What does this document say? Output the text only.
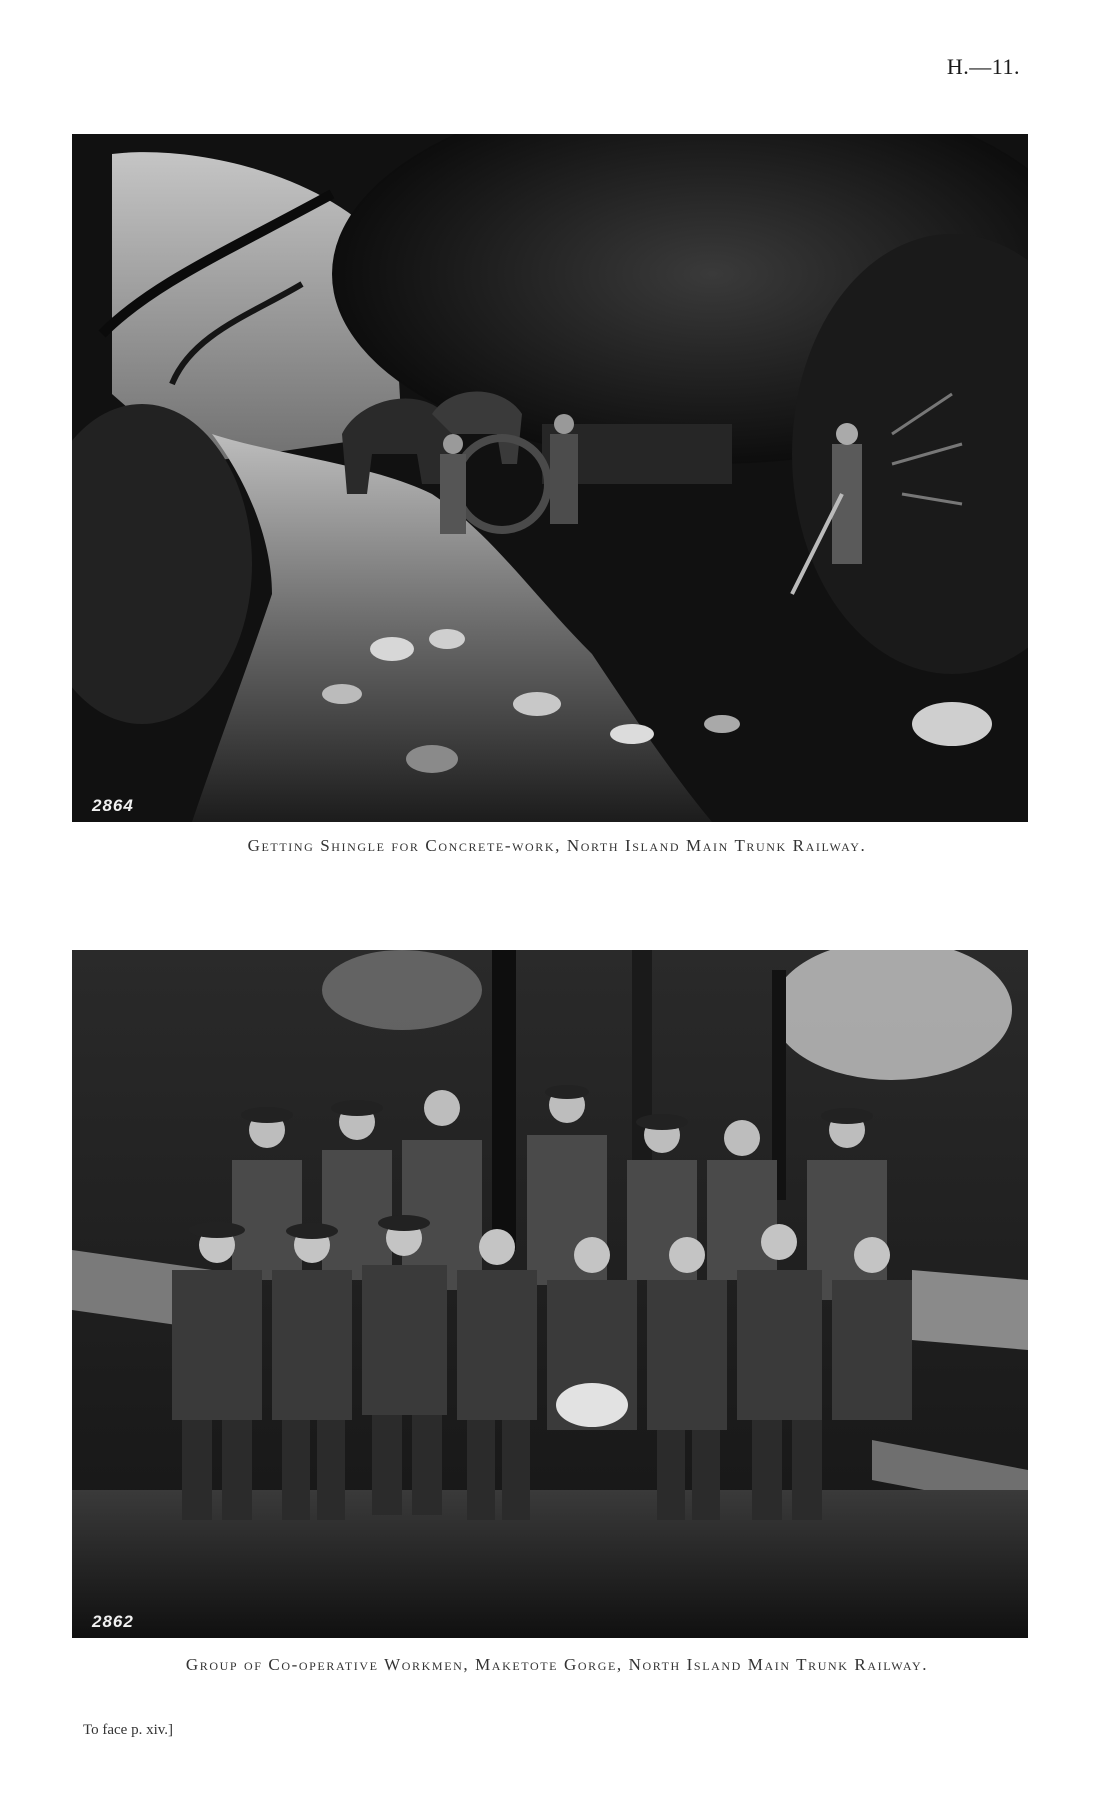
H.—11.
2864
Getting Shingle for Concrete-work, North Island Main Trunk Railway.
2862
Group of Co-operative Workmen, Maketote Gorge, North Island Main Trunk Railway.
To face p. xiv.]
